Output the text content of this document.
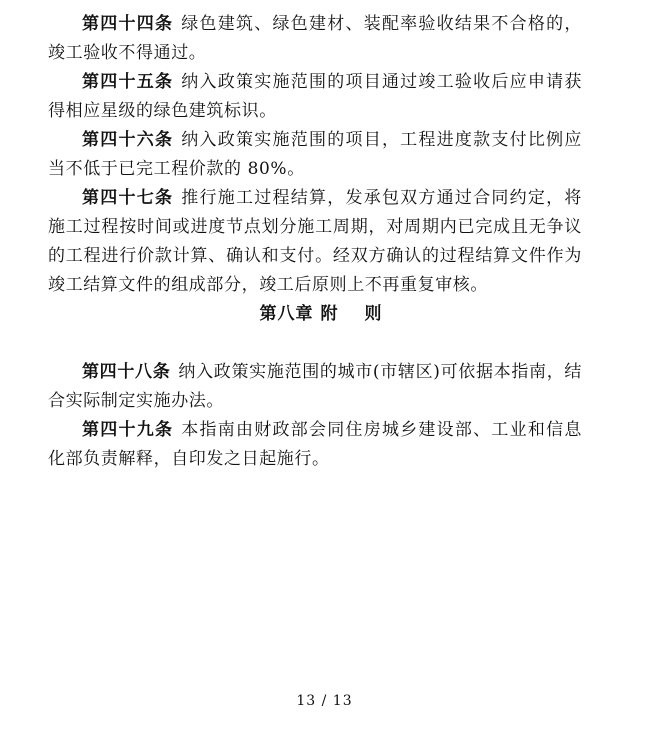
第四十四条 绿色建筑、绿色建材、装配率验收结果不合格的，竣工验收不得通过。

第四十五条 纳入政策实施范围的项目通过竣工验收后应申请获得相应星级的绿色建筑标识。

第四十六条 纳入政策实施范围的项目，工程进度款支付比例应当不低于已完工程价款的 80%。

第四十七条 推行施工过程结算，发承包双方通过合同约定，将施工过程按时间或进度节点划分施工周期，对周期内已完成且无争议的工程进行价款计算、确认和支付。经双方确认的过程结算文件作为竣工结算文件的组成部分，竣工后原则上不再重复审核。

第八章 附 则

第四十八条 纳入政策实施范围的城市(市辖区)可依据本指南，结合实际制定实施办法。

第四十九条 本指南由财政部会同住房城乡建设部、工业和信息化部负责解释，自印发之日起施行。

13 / 13
